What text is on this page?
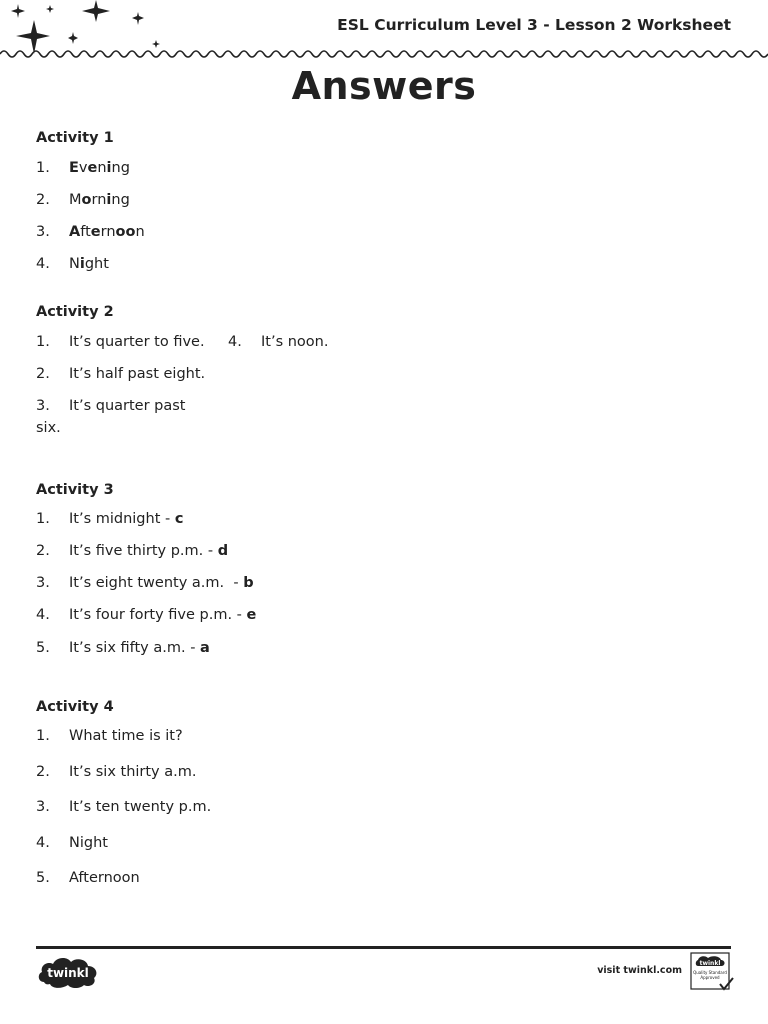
ESL Curriculum Level 3 - Lesson 2 Worksheet
Answers
Activity 1
1. Evening
2. Morning
3. Afternoon
4. Night
Activity 2
1. It’s quarter to five. 4. It’s noon.
2. It’s half past eight.
3. It’s quarter past
six.
Activity 3
1. It’s midnight - c
2. It’s five thirty p.m. - d
3. It’s eight twenty a.m.  - b
4. It’s four forty five p.m. - e
5. It’s six fifty a.m. - a
Activity 4
1. What time is it?
2. It’s six thirty a.m.
3. It’s ten twenty p.m.
4. Night
5. Afternoon
twinkl	visit twinkl.com
twinkl
Quality Standard Approved
